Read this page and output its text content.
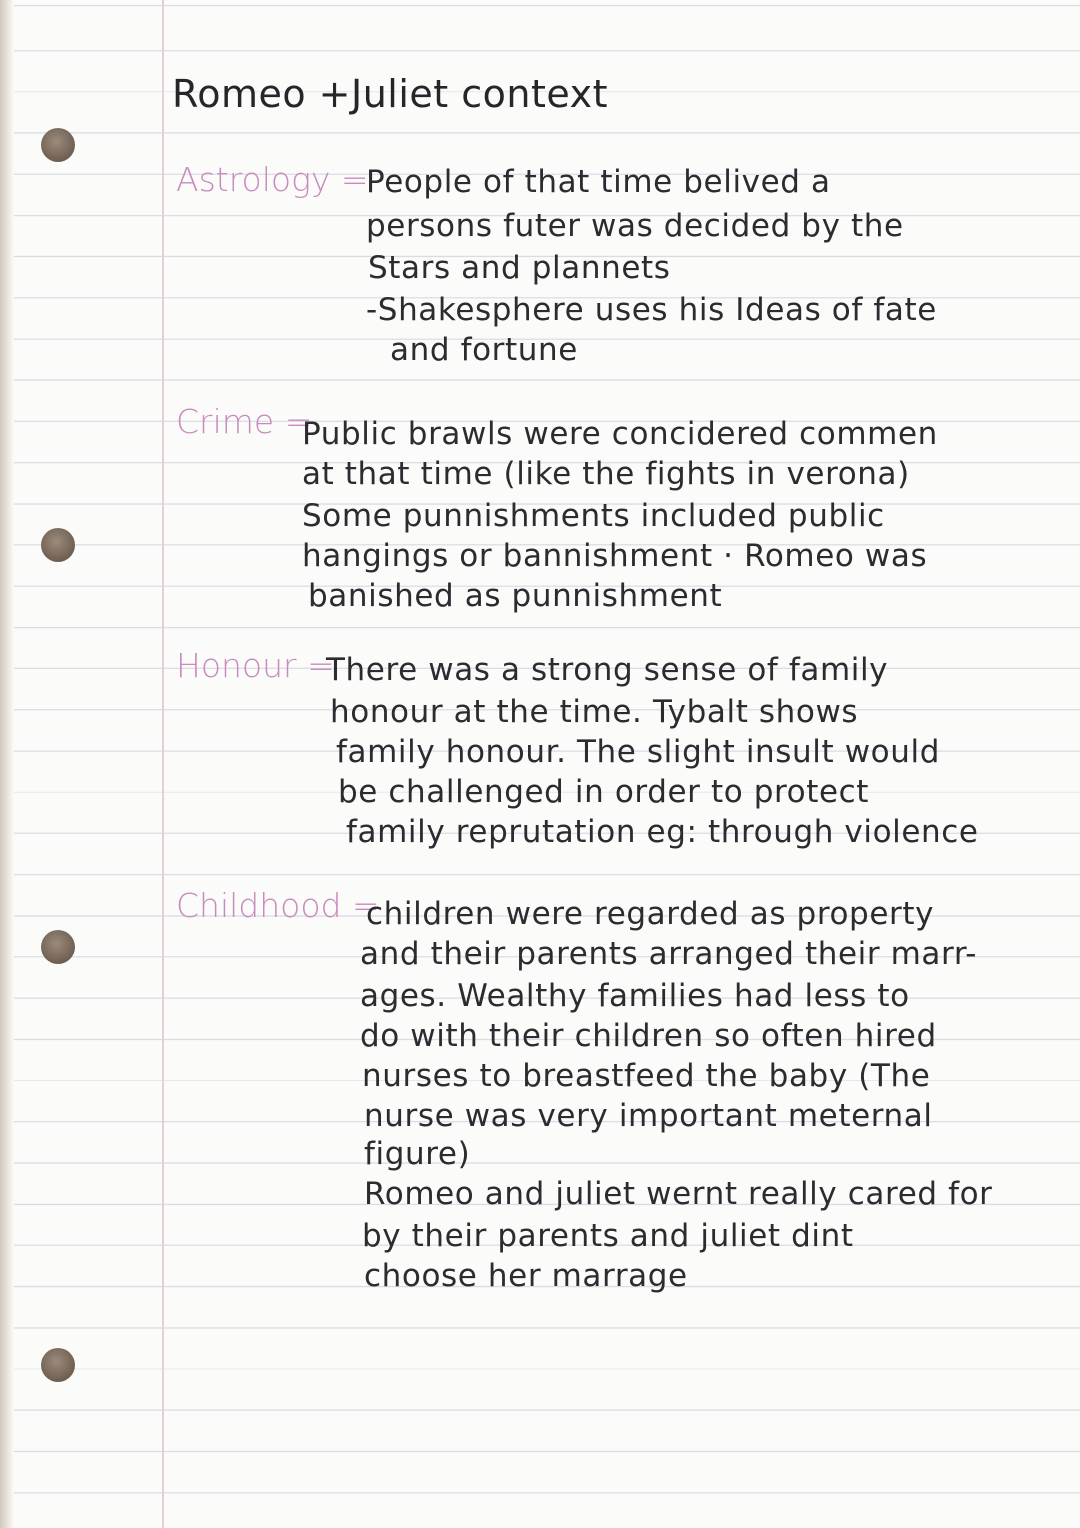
Romeo +Juliet context
Astrology =
People of that time belived a
persons futer was decided by the
Stars and plannets
-Shakesphere uses his Ideas of fate
and fortune
Crime =
Public brawls were concidered commen
at that time (like the fights in verona)
Some punnishments included public
hangings or bannishment · Romeo was
banished as punnishment
Honour =
There was a strong sense of family
honour at the time. Tybalt shows
family honour. The slight insult would
be challenged in order to protect
family reprutation eg: through violence
Childhood =
children were regarded as property
and their parents arranged their marr-
ages. Wealthy families had less to
do with their children so often hired
nurses to breastfeed the baby (The
nurse was very important meternal
figure)
Romeo and juliet wernt really cared for
by their parents and juliet dint
choose her marrage
